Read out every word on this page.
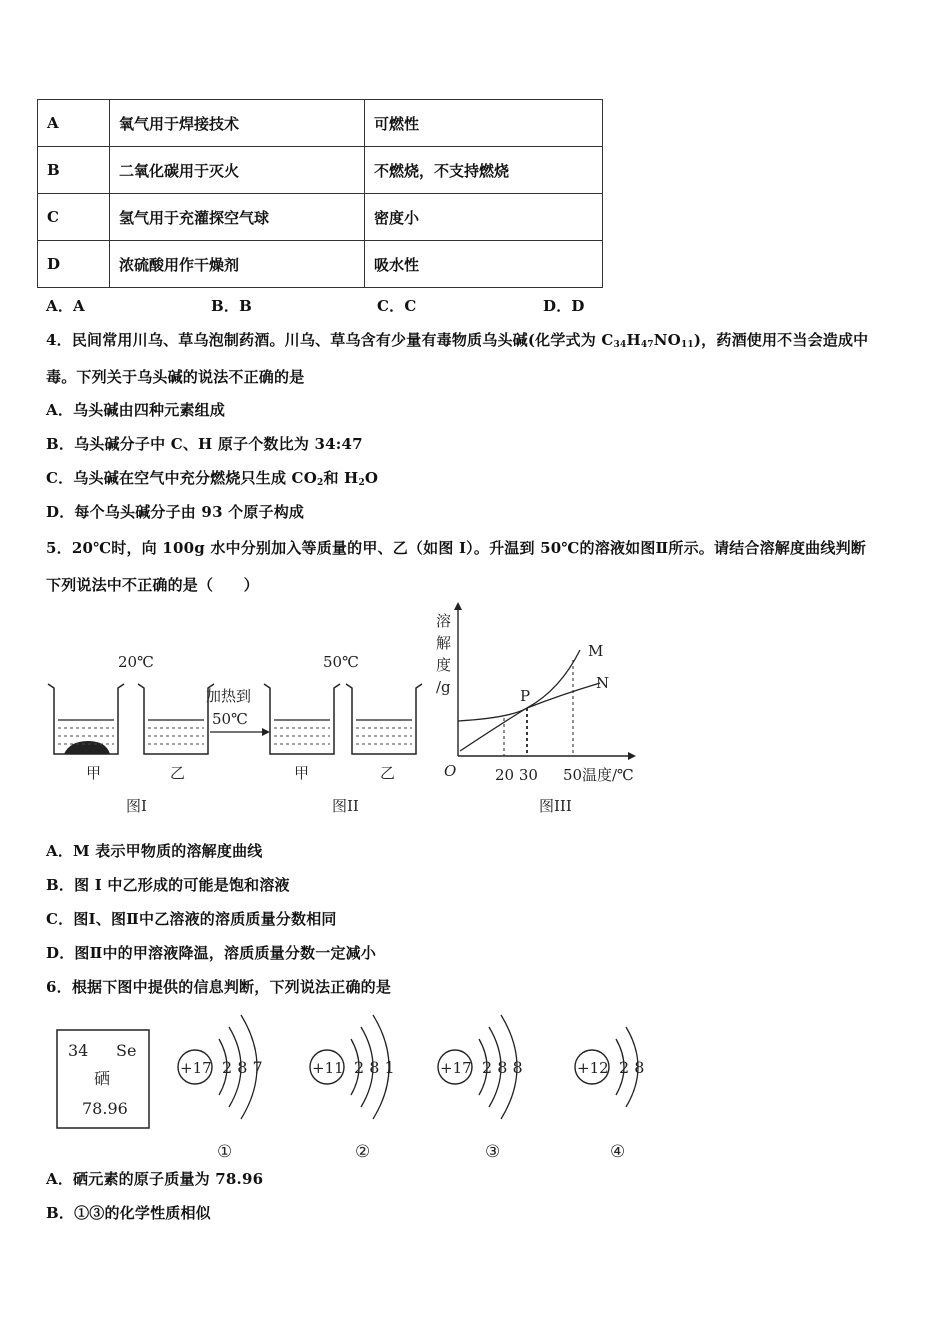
A	氧气用于焊接技术	可燃性
B	二氧化碳用于灭火	不燃烧，不支持燃烧
C	氢气用于充灌探空气球	密度小
D	浓硫酸用作干燥剂	吸水性
A．A	B．B	C．C	D．D
4．民间常用川乌、草乌泡制药酒。川乌、草乌含有少量有毒物质乌头碱(化学式为 $C_{34}H_{47}NO_{11}$)，药酒使用不当会造成中
毒。下列关于乌头碱的说法不正确的是
A．乌头碱由四种元素组成
B．乌头碱分子中 C、H 原子个数比为 34:47
C．乌头碱在空气中充分燃烧只生成 $CO_2$和 $H_2O$
D．每个乌头碱分子由 93 个原子构成
5．20℃时，向 100g 水中分别加入等质量的甲、乙（如图 I）。升温到 50℃的溶液如图Ⅱ所示。请结合溶解度曲线判断
下列说法中不正确的是（　　）
20℃	50℃
加热到
50℃
甲	乙	甲	乙
图I	图II	图III
溶
解
度
/g
O	20 30 50 温度/℃
M
N
P
A．M 表示甲物质的溶解度曲线
B．图 I 中乙形成的可能是饱和溶液
C．图Ⅰ、图Ⅱ中乙溶液的溶质质量分数相同
D．图Ⅱ中的甲溶液降温，溶质质量分数一定减小
6．根据下图中提供的信息判断，下列说法正确的是
34 Se
硒
78.96
+17 2 8 7
①
+11 2 8 1
②
+17 2 8 8
③
+12 2 8
④
A．硒元素的原子质量为 78.96
B．①③的化学性质相似
